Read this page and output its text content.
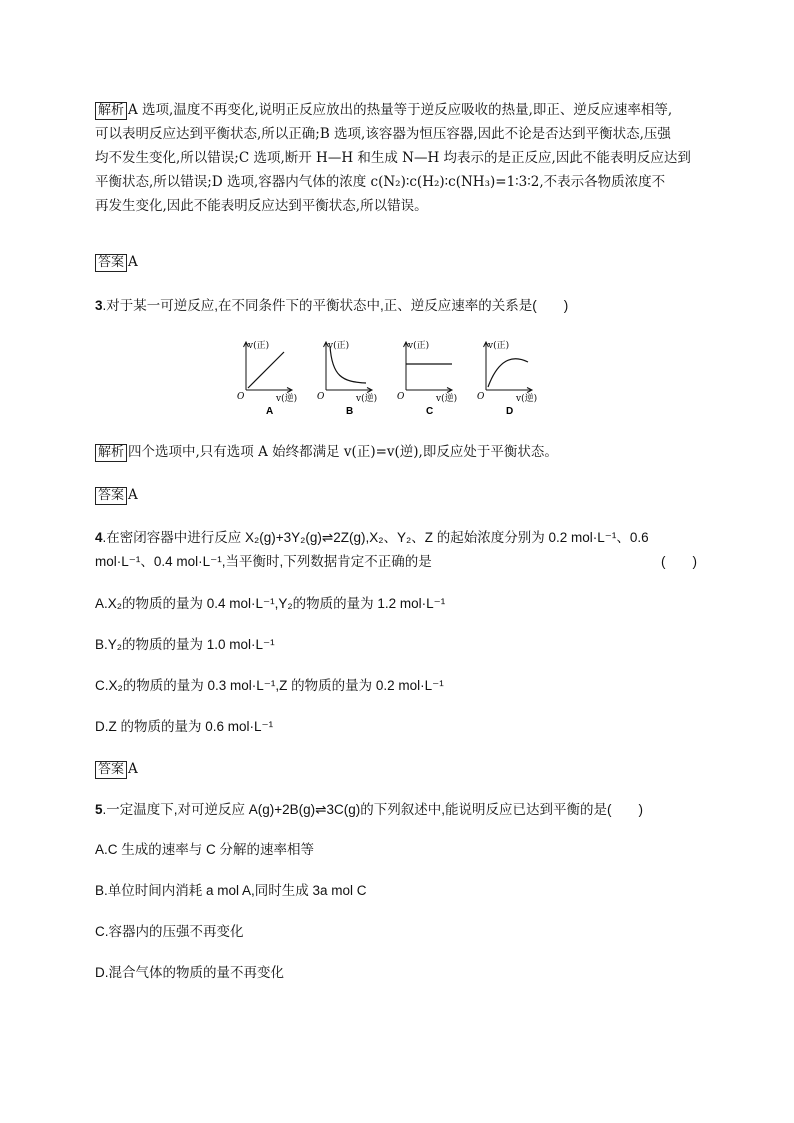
解析 A 选项,温度不再变化,说明正反应放出的热量等于逆反应吸收的热量,即正、逆反应速率相等,
可以表明反应达到平衡状态,所以正确;B 选项,该容器为恒压容器,因此不论是否达到平衡状态,压强
均不发生变化,所以错误;C 选项,断开 H—H 和生成 N—H 均表示的是正反应,因此不能表明反应达到
平衡状态,所以错误;D 选项,容器内气体的浓度 c(N₂)∶c(H₂)∶c(NH₃)=1∶3∶2,不表示各物质浓度不
再发生变化,因此不能表明反应达到平衡状态,所以错误。
答案 A
3.对于某一可逆反应,在不同条件下的平衡状态中,正、逆反应速率的关系是(　　)
v(正)
v(逆)
O
A
v(正)
v(逆)
O
B
v(正)
v(逆)
O
C
v(正)
v(逆)
O
D
解析 四个选项中,只有选项 A 始终都满足 v(正)=v(逆),即反应处于平衡状态。
答案 A
4.在密闭容器中进行反应 X₂(g)+3Y₂(g)⇌2Z(g),X₂、Y₂、Z 的起始浓度分别为 0.2 mol·L⁻¹、0.6
mol·L⁻¹、0.4 mol·L⁻¹,当平衡时,下列数据肯定不正确的是	(　　)
A.X₂的物质的量为 0.4 mol·L⁻¹,Y₂的物质的量为 1.2 mol·L⁻¹
B.Y₂的物质的量为 1.0 mol·L⁻¹
C.X₂的物质的量为 0.3 mol·L⁻¹,Z 的物质的量为 0.2 mol·L⁻¹
D.Z 的物质的量为 0.6 mol·L⁻¹
答案 A
5.一定温度下,对可逆反应 A(g)+2B(g)⇌3C(g)的下列叙述中,能说明反应已达到平衡的是(　　)
A.C 生成的速率与 C 分解的速率相等
B.单位时间内消耗 a mol A,同时生成 3a mol C
C.容器内的压强不再变化
D.混合气体的物质的量不再变化
